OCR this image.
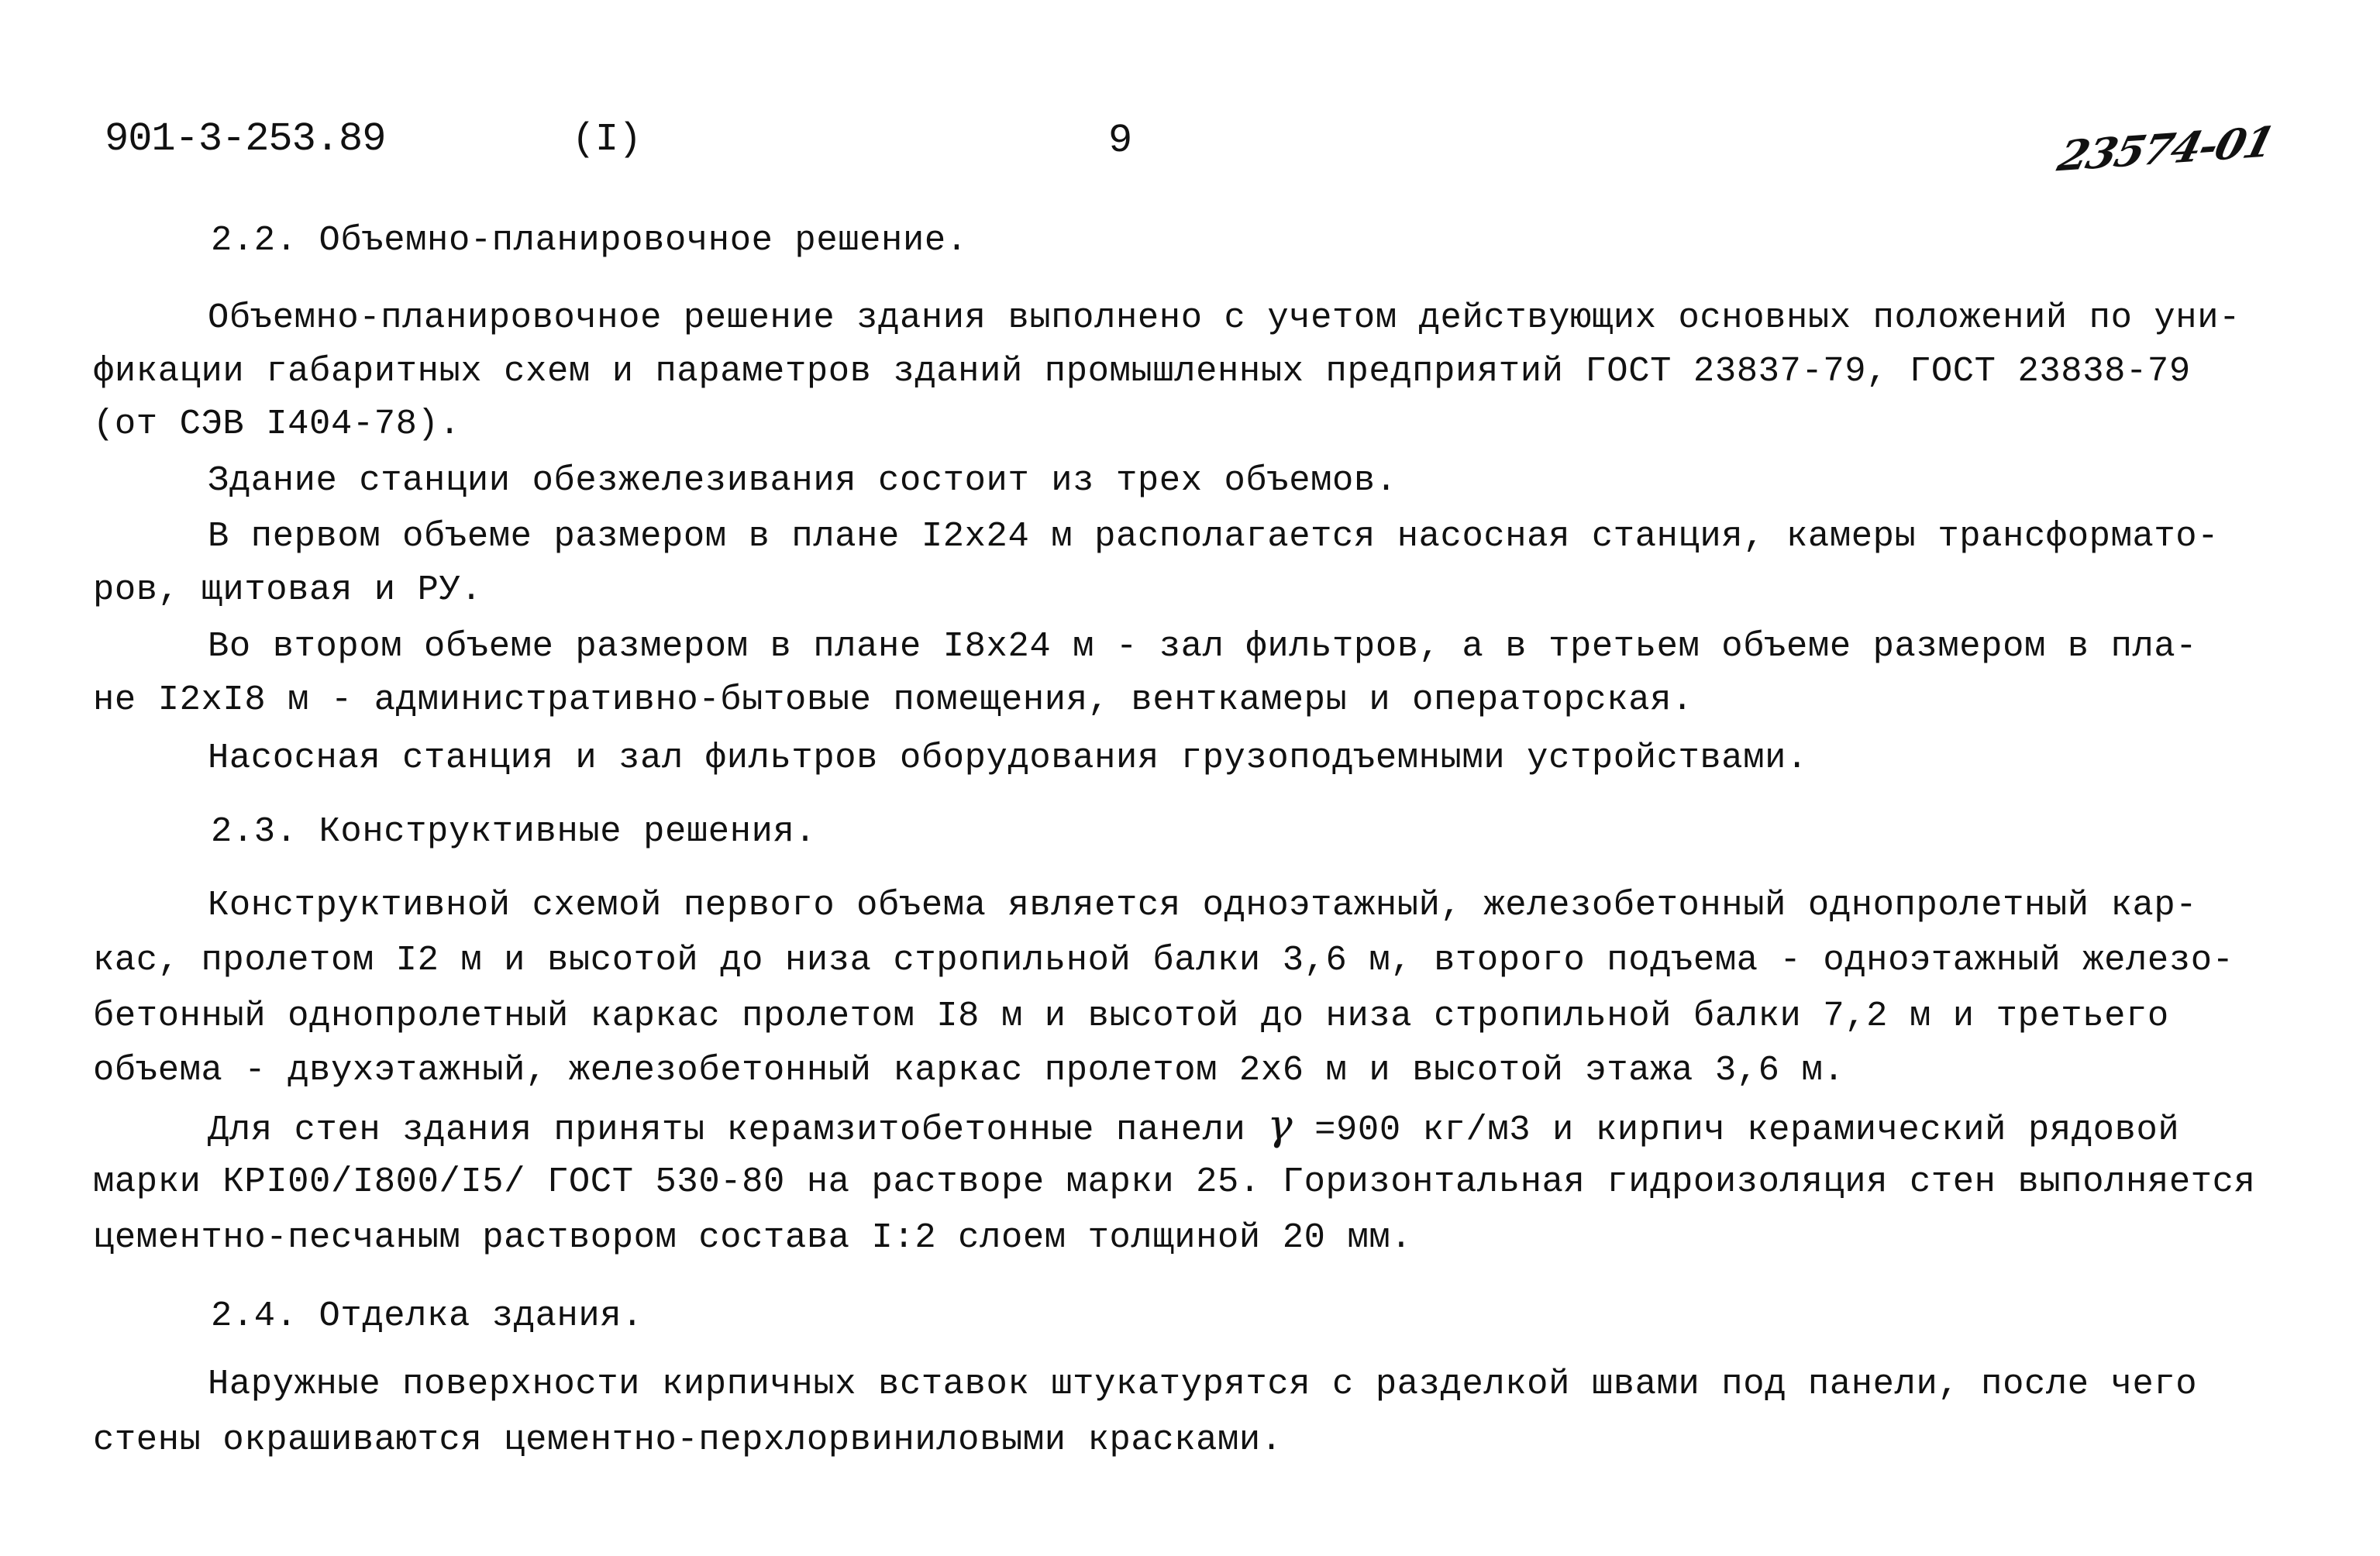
901-3-253.89	(I)	9	23574-01
2.2. Объемно-планировочное решение.
Объемно-планировочное решение здания выполнено с учетом действующих основных положений по уни-
фикации габаритных схем и параметров зданий промышленных предприятий ГОСТ 23837-79, ГОСТ 23838-79
(от СЭВ I404-78).
Здание станции обезжелезивания состоит из трех объемов.
В первом объеме размером в плане I2x24 м располагается насосная станция, камеры трансформато-
ров, щитовая и РУ.
Во втором объеме размером в плане I8x24 м - зал фильтров, а в третьем объеме размером в пла-
не I2xI8 м - административно-бытовые помещения, венткамеры и операторская.
Насосная станция и зал фильтров оборудования грузоподъемными устройствами.
2.3. Конструктивные решения.
Конструктивной схемой первого объема является одноэтажный, железобетонный однопролетный кар-
кас, пролетом I2 м и высотой до низа стропильной балки 3,6 м, второго подъема - одноэтажный железо-
бетонный однопролетный каркас пролетом I8 м и высотой до низа стропильной балки 7,2 м и третьего
объема - двухэтажный, железобетонный каркас пролетом 2x6 м и высотой этажа 3,6 м.
Для стен здания приняты керамзитобетонные панели γ =900 кг/м3 и кирпич керамический рядовой
марки КРI00/I800/I5/ ГОСТ 530-80 на растворе марки 25. Горизонтальная гидроизоляция стен выполняется
цементно-песчаным раствором состава I:2 слоем толщиной 20 мм.
2.4. Отделка здания.
Наружные поверхности кирпичных вставок штукатурятся с разделкой швами под панели, после чего
стены окрашиваются цементно-перхлорвиниловыми красками.
